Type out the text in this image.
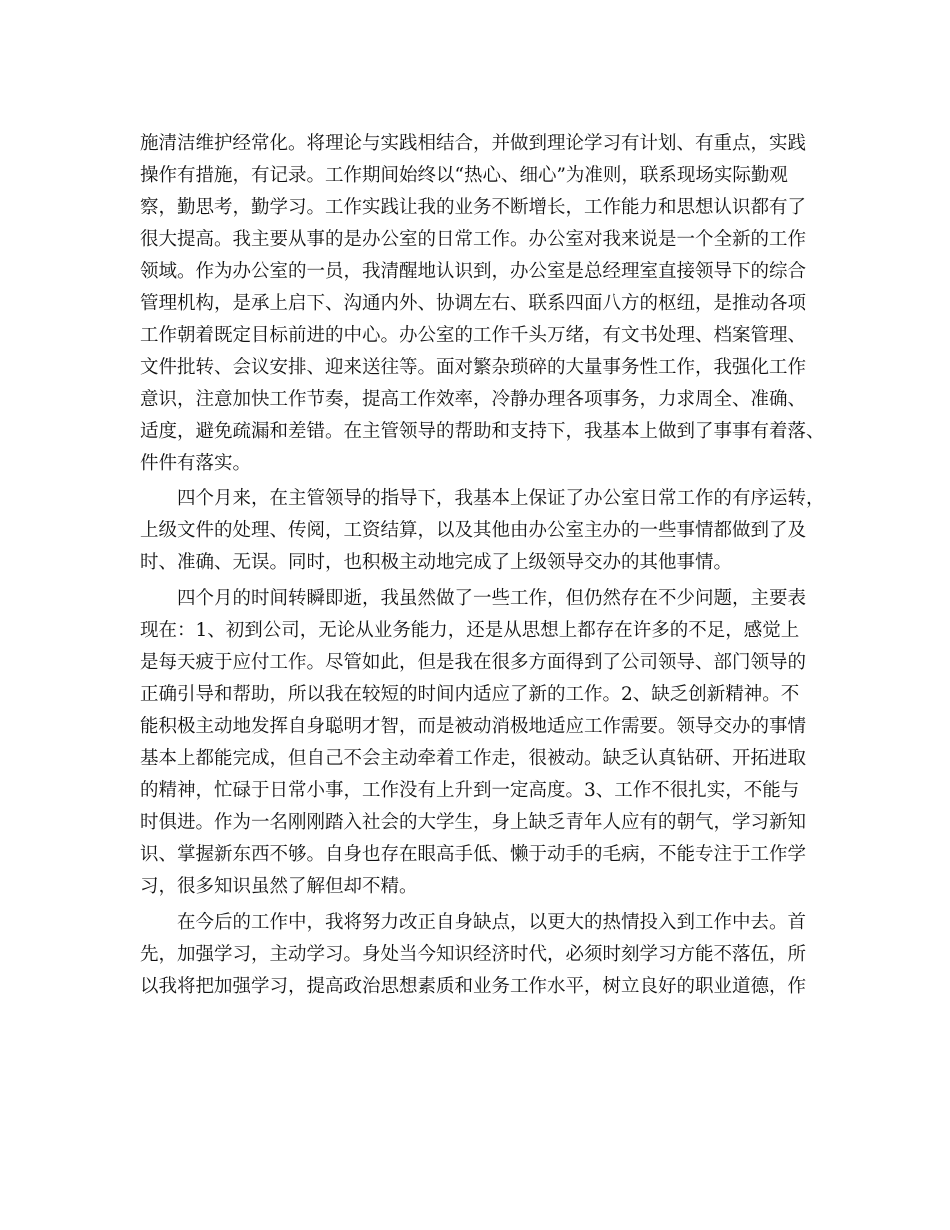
施清洁维护经常化。将理论与实践相结合，并做到理论学习有计划、有重点，实践
操作有措施，有记录。工作期间始终以“热心、细心”为准则，联系现场实际勤观
察，勤思考，勤学习。工作实践让我的业务不断增长，工作能力和思想认识都有了
很大提高。我主要从事的是办公室的日常工作。办公室对我来说是一个全新的工作
领域。作为办公室的一员，我清醒地认识到，办公室是总经理室直接领导下的综合
管理机构，是承上启下、沟通内外、协调左右、联系四面八方的枢纽，是推动各项
工作朝着既定目标前进的中心。办公室的工作千头万绪，有文书处理、档案管理、
文件批转、会议安排、迎来送往等。面对繁杂琐碎的大量事务性工作，我强化工作
意识，注意加快工作节奏，提高工作效率，冷静办理各项事务，力求周全、准确、
适度，避免疏漏和差错。在主管领导的帮助和支持下，我基本上做到了事事有着落、
件件有落实。
四个月来，在主管领导的指导下，我基本上保证了办公室日常工作的有序运转，
上级文件的处理、传阅，工资结算，以及其他由办公室主办的一些事情都做到了及
时、准确、无误。同时，也积极主动地完成了上级领导交办的其他事情。
四个月的时间转瞬即逝，我虽然做了一些工作，但仍然存在不少问题，主要表
现在：1、初到公司，无论从业务能力，还是从思想上都存在许多的不足，感觉上
是每天疲于应付工作。尽管如此，但是我在很多方面得到了公司领导、部门领导的
正确引导和帮助，所以我在较短的时间内适应了新的工作。2、缺乏创新精神。不
能积极主动地发挥自身聪明才智，而是被动消极地适应工作需要。领导交办的事情
基本上都能完成，但自己不会主动牵着工作走，很被动。缺乏认真钻研、开拓进取
的精神，忙碌于日常小事，工作没有上升到一定高度。3、工作不很扎实，不能与
时俱进。作为一名刚刚踏入社会的大学生，身上缺乏青年人应有的朝气，学习新知
识、掌握新东西不够。自身也存在眼高手低、懒于动手的毛病，不能专注于工作学
习，很多知识虽然了解但却不精。
在今后的工作中，我将努力改正自身缺点，以更大的热情投入到工作中去。首
先，加强学习，主动学习。身处当今知识经济时代，必须时刻学习方能不落伍，所
以我将把加强学习，提高政治思想素质和业务工作水平，树立良好的职业道德，作
